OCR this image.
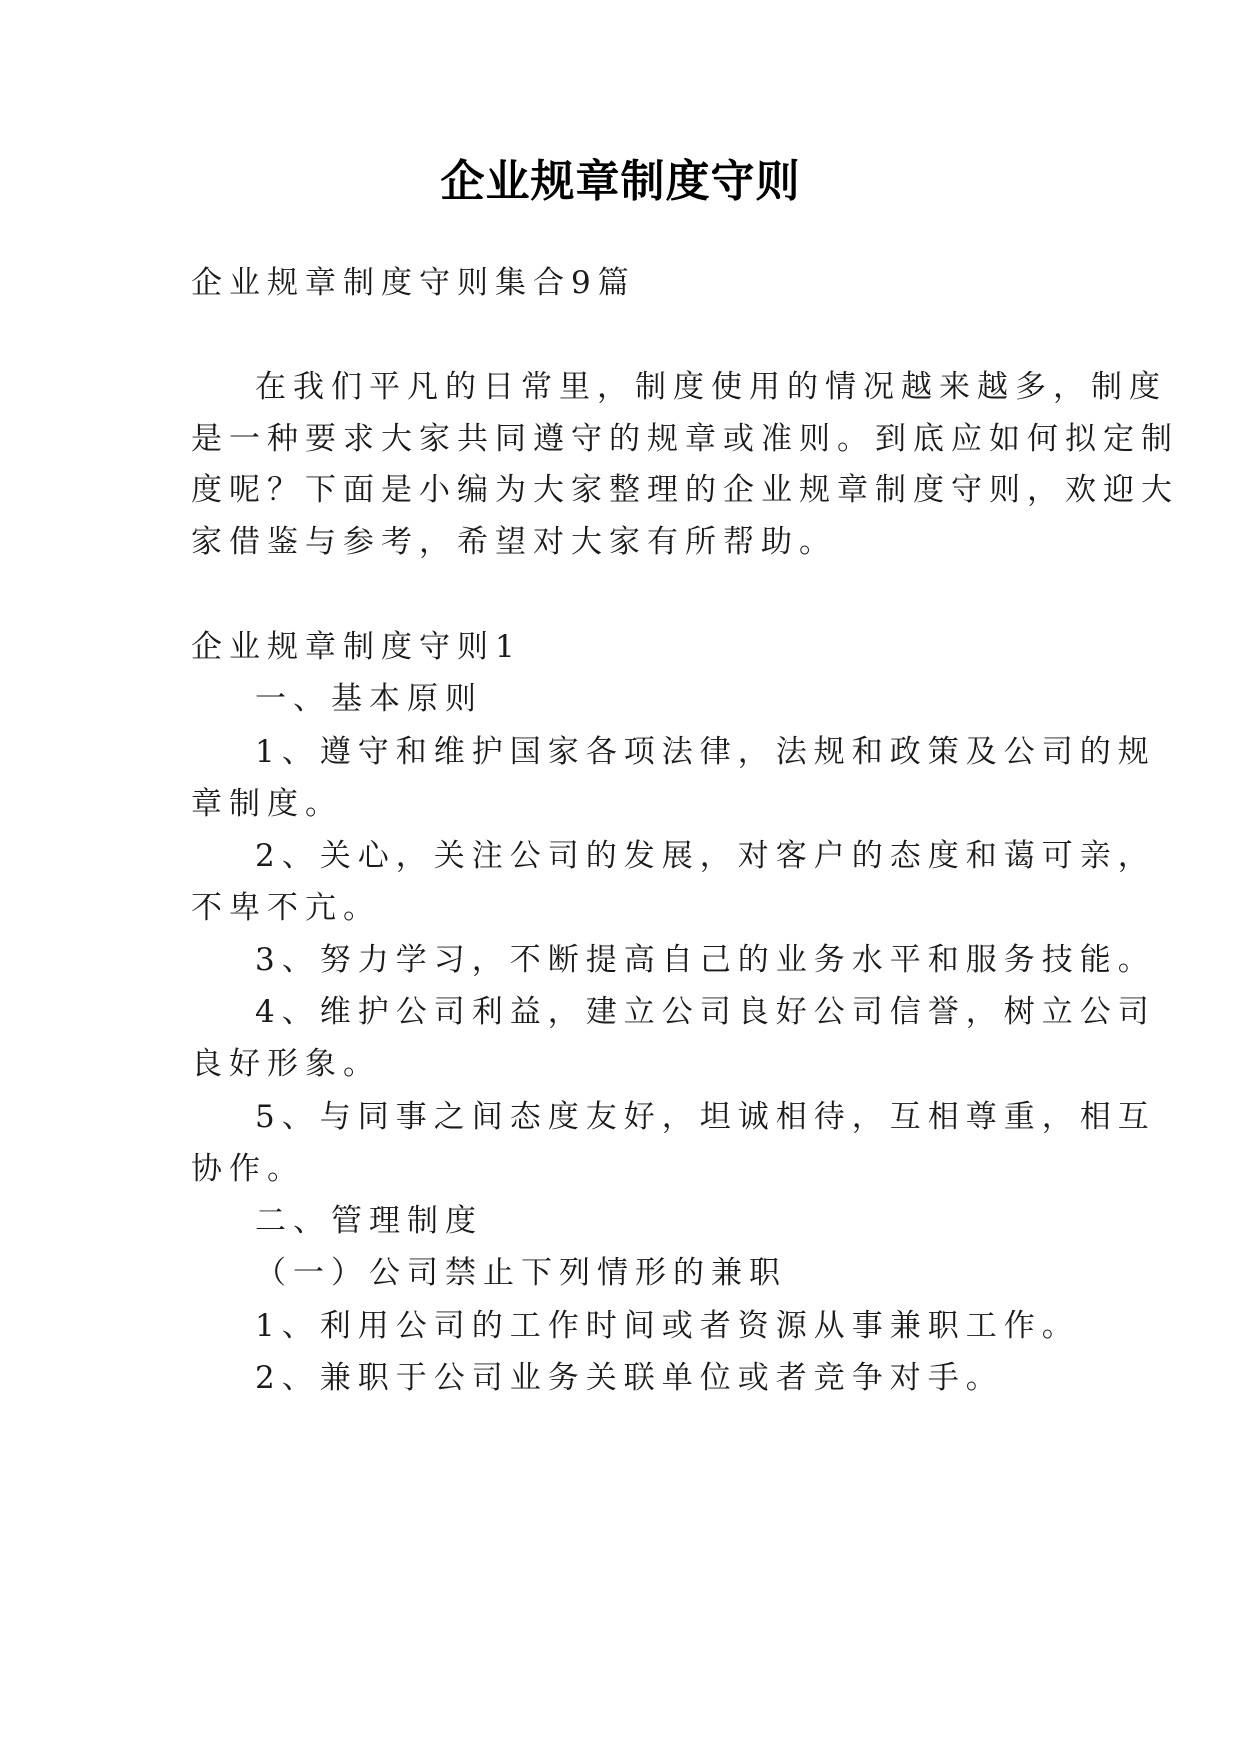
企业规章制度守则
企业规章制度守则集合9篇
在我们平凡的日常里，制度使用的情况越来越多，制度
是一种要求大家共同遵守的规章或准则。到底应如何拟定制
度呢？下面是小编为大家整理的企业规章制度守则，欢迎大
家借鉴与参考，希望对大家有所帮助。
企业规章制度守则1
一、基本原则
1、遵守和维护国家各项法律，法规和政策及公司的规
章制度。
2、关心，关注公司的发展，对客户的态度和蔼可亲，
不卑不亢。
3、努力学习，不断提高自己的业务水平和服务技能。
4、维护公司利益，建立公司良好公司信誉，树立公司
良好形象。
5、与同事之间态度友好，坦诚相待，互相尊重，相互
协作。
二、管理制度
（一）公司禁止下列情形的兼职
1、利用公司的工作时间或者资源从事兼职工作。
2、兼职于公司业务关联单位或者竞争对手。
